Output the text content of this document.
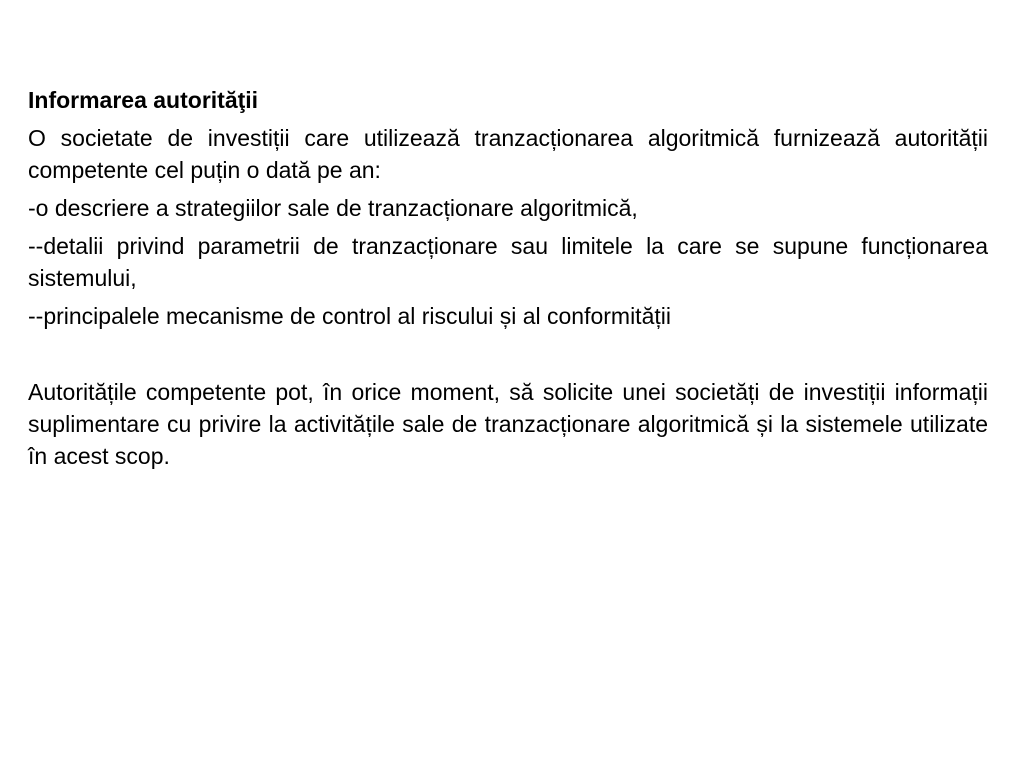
Informarea autorităţii

O societate de investiții care utilizează tranzacționarea algoritmică furnizează autorității competente cel puțin o dată pe an:

-o descriere a strategiilor sale de tranzacționare algoritmică,

--detalii privind parametrii de tranzacționare sau limitele la care se supune funcționarea sistemului,

--principalele mecanisme de control al riscului și al conformității

Autoritățile competente pot, în orice moment, să solicite unei societăți de investiții informații suplimentare cu privire la activitățile sale de tranzacționare algoritmică și la sistemele utilizate în acest scop.
